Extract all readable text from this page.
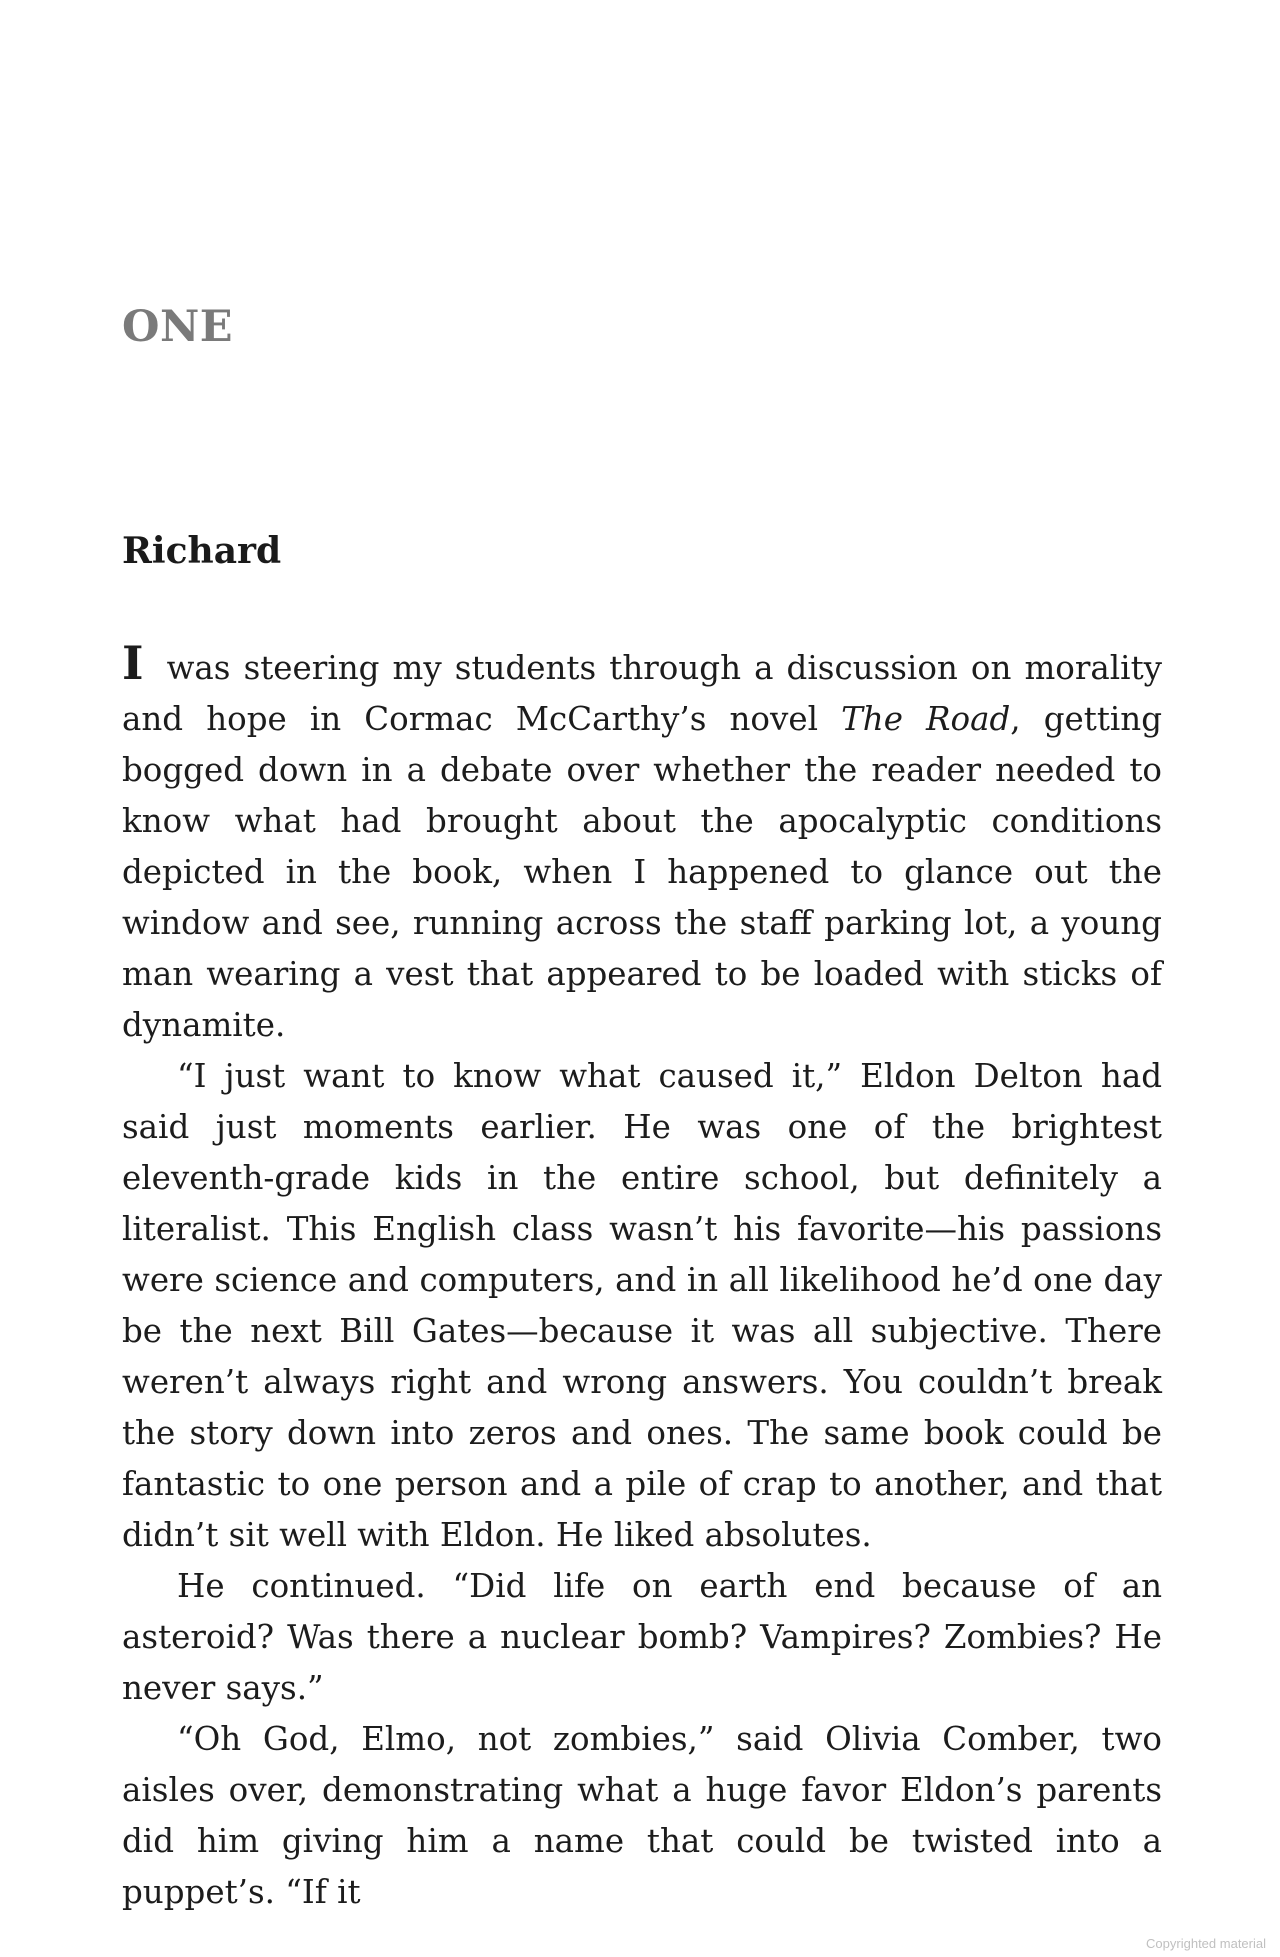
ONE
Richard

I was steering my students through a discussion on morality and hope in Cormac McCarthy’s novel The Road, getting bogged down in a debate over whether the reader needed to know what had brought about the apocalyptic conditions depicted in the book, when I happened to glance out the window and see, running across the staff parking lot, a young man wearing a vest that appeared to be loaded with sticks of dynamite.

“I just want to know what caused it,” Eldon Delton had said just moments earlier. He was one of the brightest eleventh-grade kids in the entire school, but definitely a literalist. This English class wasn’t his favorite—his passions were science and computers, and in all likelihood he’d one day be the next Bill Gates—because it was all subjective. There weren’t always right and wrong answers. You couldn’t break the story down into zeros and ones. The same book could be fantastic to one person and a pile of crap to another, and that didn’t sit well with Eldon. He liked absolutes.

He continued. “Did life on earth end because of an asteroid? Was there a nuclear bomb? Vampires? Zombies? He never says.”

“Oh God, Elmo, not zombies,” said Olivia Comber, two aisles over, demonstrating what a huge favor Eldon’s parents did him giving him a name that could be twisted into a puppet’s. “If it

Copyrighted material
